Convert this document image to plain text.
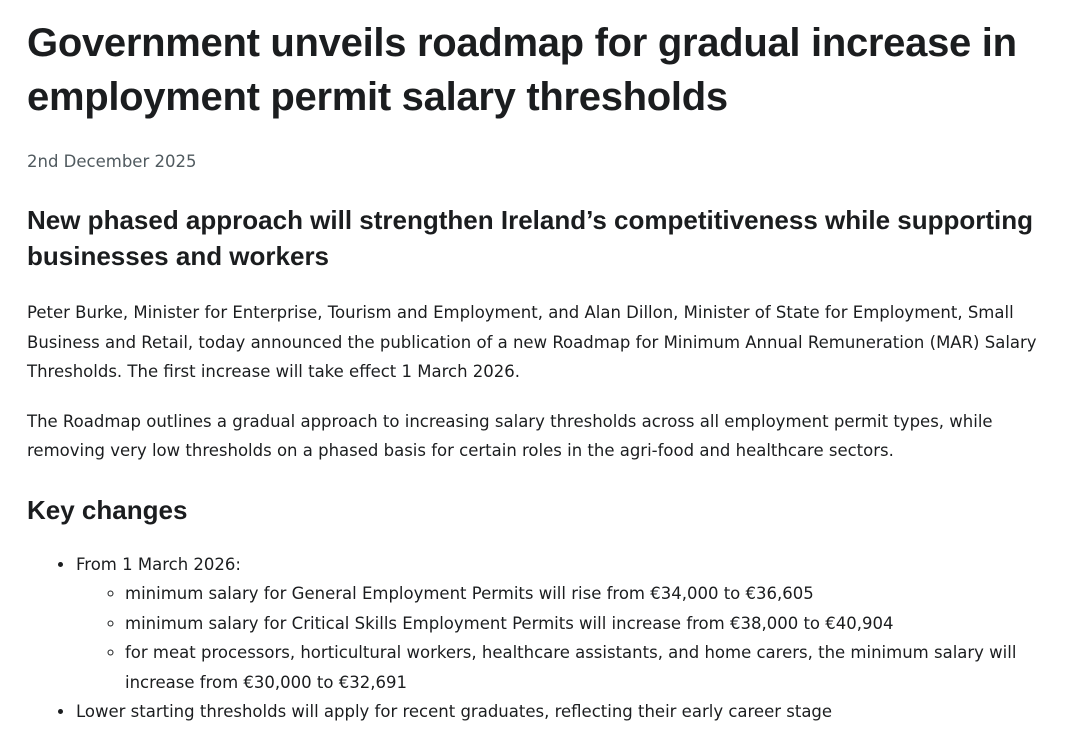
Government unveils roadmap for gradual increase in employment permit salary thresholds
2nd December 2025
New phased approach will strengthen Ireland’s competitiveness while supporting businesses and workers

Peter Burke, Minister for Enterprise, Tourism and Employment, and Alan Dillon, Minister of State for Employment, Small Business and Retail, today announced the publication of a new Roadmap for Minimum Annual Remuneration (MAR) Salary Thresholds. The first increase will take effect 1 March 2026.

The Roadmap outlines a gradual approach to increasing salary thresholds across all employment permit types, while removing very low thresholds on a phased basis for certain roles in the agri-food and healthcare sectors.

Key changes
• From 1 March 2026:
◦ minimum salary for General Employment Permits will rise from €34,000 to €36,605
◦ minimum salary for Critical Skills Employment Permits will increase from €38,000 to €40,904
◦ for meat processors, horticultural workers, healthcare assistants, and home carers, the minimum salary will increase from €30,000 to €32,691
• Lower starting thresholds will apply for recent graduates, reflecting their early career stage
